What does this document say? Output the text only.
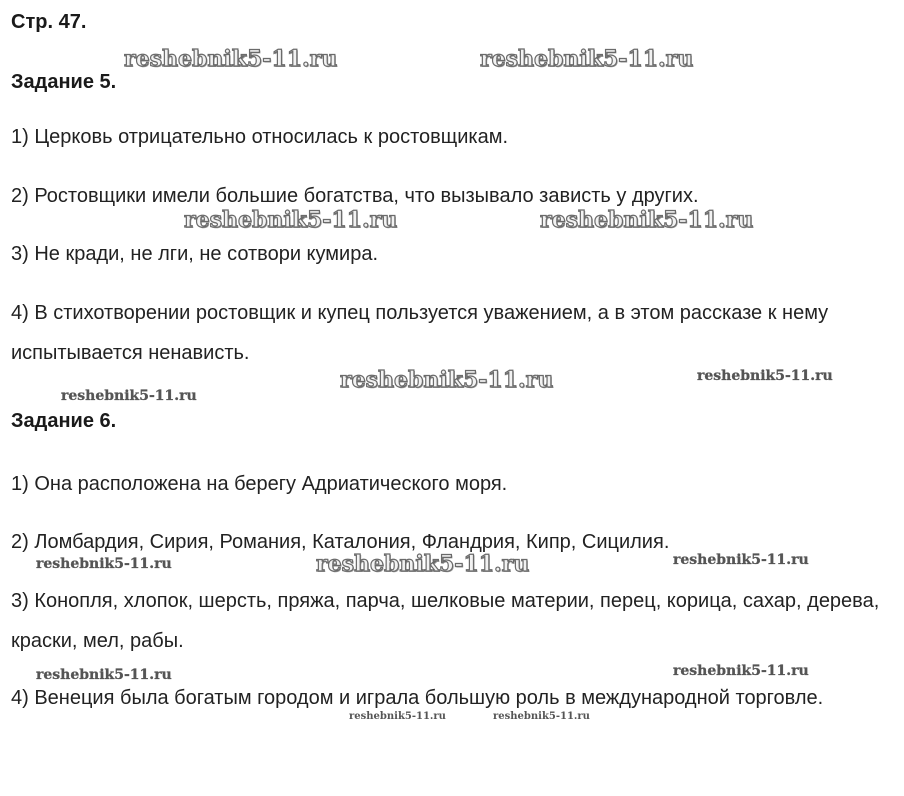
Стр. 47.
Задание 5.

1) Церковь отрицательно относилась к ростовщикам.

2) Ростовщики имели большие богатства, что вызывало зависть у других.

3) Не кради, не лги, не сотвори кумира.

4) В стихотворении ростовщик и купец пользуется уважением, а в этом рассказе к нему испытывается ненависть.

Задание 6.

1) Она расположена на берегу Адриатического моря.

2) Ломбардия, Сирия, Романия, Каталония, Фландрия, Кипр, Сицилия.

3) Конопля, хлопок, шерсть, пряжа, парча, шелковые материи, перец, корица, сахар, дерева, краски, мел, рабы.

4) Венеция была богатым городом и играла большую роль в международной торговле.

reshebnik5-11.ru	reshebnik5-11.ru
reshebnik5-11.ru	reshebnik5-11.ru
reshebnik5-11.ru
reshebnik5-11.ru
reshebnik5-11.ru
reshebnik5-11.ru	reshebnik5-11.ru	reshebnik5-11.ru
reshebnik5-11.ru	reshebnik5-11.ru
reshebnik5-11.ru	reshebnik5-11.ru
